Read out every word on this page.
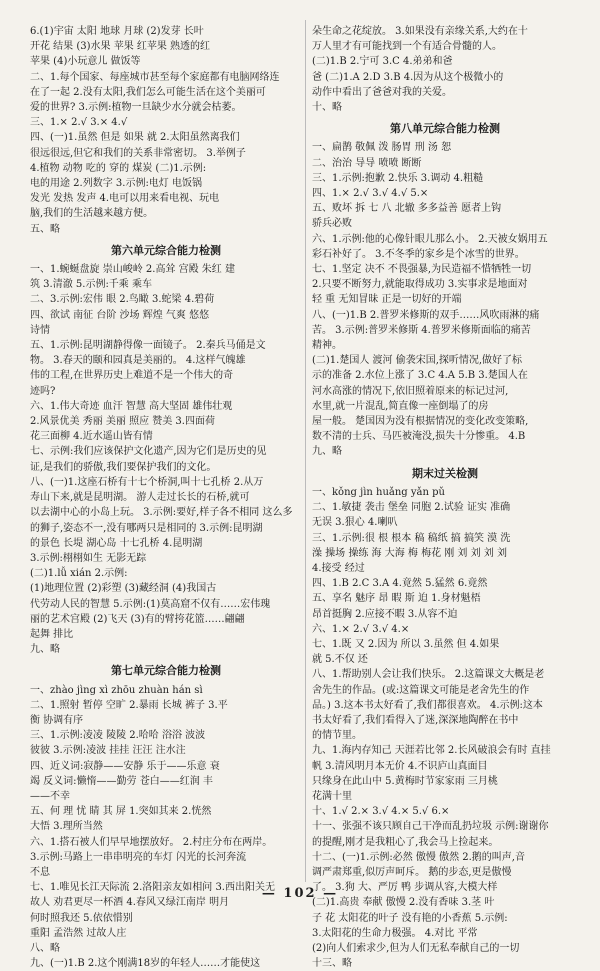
6.(1)宇宙 太阳 地球 月球 (2)发芽 长叶
开花 结果 (3)水果 苹果 红苹果 熟透的红
苹果 (4)小玩意儿 做饭等
二、1.每个国家、每座城市甚至每个家庭都有电脑网络连
在了一起 2.没有太阳,我们怎么可能生活在这个美丽可
爱的世界? 3.示例:植物一旦缺少水分就会枯萎。
三、1.× 2.√ 3.× 4.√
四、(一)1.虽然 但是 如果 就 2.太阳虽然离我们
很远很远,但它和我们的关系非常密切。 3.举例子
4.植物 动物 吃的 穿的 煤炭 (二)1.示例:
电的用途 2.列数字 3.示例:电灯 电饭锅
发光 发热 发声 4.电可以用来看电视、玩电
脑,我们的生活越来越方便。
五、略
第六单元综合能力检测
一、1.蜿蜒盘旋 崇山峻岭 2.高耸 宫殿 朱红 建
筑 3.清澈 5.示例:千乘 乘车
二、3.示例:宏伟 眼 2.鸟瞰 3.蛇梁 4.碧荷
四、欲试 南征 台阶 沙场 辉煌 气爽 悠悠
诗情
五、1.示例:昆明湖静得像一面镜子。 2.秦兵马俑是文
物。 3.春天的颐和园真是美丽的。 4.这样气魄雄
伟的工程,在世界历史上难道不是一个伟大的奇
迹吗?
六、1.伟大奇迹 血汗 智慧 高大坚固 雄伟壮观
2.风景优美 秀丽 美丽 照应 赞美 3.四面荷
花三面柳 4.近水遥山皆有情
七、示例:我们应该保护文化遗产,因为它们是历史的见
证,是我们的骄傲,我们要保护我们的文化。
八、(一)1.这座石桥有十七个桥洞,叫十七孔桥 2.从万
寿山下来,就是昆明湖。 游人走过长长的石桥,就可
以去湖中心的小岛上玩。 3.示例:要好,样子各不相同 这么多
的狮子,姿态不一,没有哪两只是相同的 3.示例:昆明湖
的景色 长堤 湖心岛 十七孔桥 4.昆明湖
3.示例:栩栩如生 无影无踪
(二)1.lǚ xián 2.示例:
(1)地理位置 (2)彩塑 (3)藏经洞 (4)我国古
代劳动人民的智慧 5.示例:(1)莫高窟不仅有……宏伟瑰
丽的艺术宫殿 (2)飞天 (3)有的臂挎花篮……翩翩
起舞 排比
九、略
第七单元综合能力检测
一、zhào jìng xì zhōu zhuàn hán sì
二、1.照射 暂停 空旷 2.暴雨 长城 裤子 3.平
衡 协调有序
三、1.示例:凌凌 陵陵 2.哈哈 浴浴 波波
彼彼 3.示例:凌波 挂挂 汪汪 注水注
四、近义词:寂静——安静 乐于——乐意 衰
竭 反义词:懒惰——勤劳 苍白——红润 丰
——不幸
五、何 理 忧 睛 其 屏 1.突如其来 2.恍然
大悟 3.理所当然
六、1.搭石被人们早早地摆放好。 2.村庄分布在两岸。
3.示例:马路上一串串明亮的车灯 闪光的长河奔流
不息
七、1.唯见长江天际流 2.洛阳亲友如相问 3.西出阳关无
故人 劝君更尽一杯酒 4.春风又绿江南岸 明月
何时照我还 5.依依惜别
重阳 孟浩然 过故人庄
八、略
九、(一)1.B 2.这个刚满18岁的年轻人……才能使这
朵生命之花绽放。 3.如果没有亲缘关系,大约在十
万人里才有可能找到一个有适合骨髓的人。
(二)1.B 2.宁可 3.C 4.弟弟和爸
爸 (二)1.A 2.D 3.B 4.因为从这个极微小的
动作中看出了爸爸对我的关爱。
十、略
第八单元综合能力检测
一、扁鹊 敬佩 泼 肠胃 刑 汤 恕
二、治治 导导 喷喷 断断
三、1.示例:抱歉 2.快乐 3.调动 4.粗糙
四、1.× 2.√ 3.√ 4.√ 5.×
五、败坏 拆 七 八 北辙 多多益善 愿者上钩
骄兵必败
六、1.示例:他的心像针眼儿那么小。 2.天被女娲用五
彩石补好了。 3.不冬季的家乡是个冰雪的世界。
七、1.坚定 决不 不畏强暴,为民造福不惜牺牲一切
2.只要不断努力,就能取得成功 3.实事求是地面对
轻 重 无知冒昧 正是一切好的开端
八、(一)1.B 2.普罗米修斯的双手……风吹雨淋的痛
苦。 3.示例:普罗米修斯 4.普罗米修斯面临的痛苦
精神。
(二)1.楚国人 渡河 偷袭宋国,探听情况,做好了标
示的准备 2.水位上涨了 3.C 4.A 5.B 3.楚国人在
河水高涨的情况下,依旧照着原来的标记过河,
水里,就一片混乱,简直像一座倒塌了的房
屋一般。 楚国因为没有根据情况的变化改变策略,
数不清的士兵、马匹被淹没,损失十分惨重。 4.B
九、略
期末过关检测
一、kǒng jìn huǎng yǎn pǔ
二、1.敏捷 袭击 堡垒 同胞 2.试验 证实 准确
无误 3.狠心 4.喇叭
三、1.示例:很 根 根本 稿 稿纸 搞 搞笑 漠 洗
澡 操场 操练 海 大海 梅 梅花 刚 刘 刘 刘 刘
4.接受 经过
四、1.B 2.C 3.A 4.竟然 5.猛然 6.竟然
五、享名 魅序 昂 暇 斯 迫 1.身材魁梧
昂首挺胸 2.应接不暇 3.从容不迫
六、1.× 2.√ 3.√ 4.×
七、1.既 又 2.因为 所以 3.虽然 但 4.如果
就 5.不仅 还
八、1.帮助别人会让我们快乐。 2.这篇课文大概是老
舍先生的作品。(或:这篇课文可能是老舍先生的作
品。) 3.这本书太好看了,我们都很喜欢。 4.示例:这本
书太好看了,我们看得入了迷,深深地陶醉在书中
的情节里。
九、1.海内存知己 天涯若比邻 2.长风破浪会有时 直挂
帆 3.清风明月本无价 4.不识庐山真面目
只缘身在此山中 5.黄梅时节家家雨 三月桃
花满十里
十、1.√ 2.× 3.√ 4.× 5.√ 6.×
十一、张强不该只顾自己干净而乱扔垃圾 示例:谢谢你
的提醒,刚才是我粗心了,我会马上捡起来。
十二、(一)1.示例:必然 傲慢 傲然 2.鹅的叫声,音
调严肃郑重,似厉声呵斥。 鹅的步态,更是傲慢
了。 3.狗 大、严厉 鸭 步调从容,大模大样
(二)1.高贵 奉献 傲慢 2.没有香味 3.茎 叶
子 花 太阳花的叶子 没有艳的小香蕉 5.示例:
3.太阳花的生命力极强。 4.对比 平常
(2)向人们索求少,但为人们无私奉献自己的一切
十三、略
— 102 —
